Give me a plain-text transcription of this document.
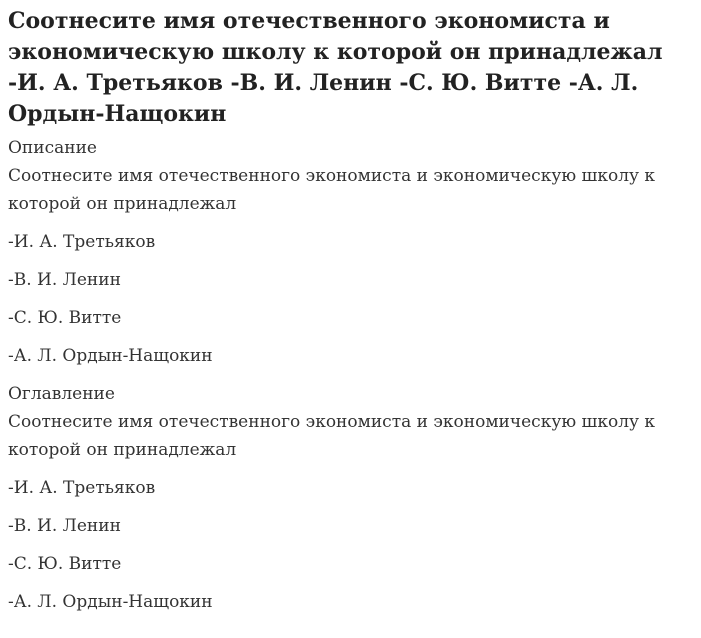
Соотнесите имя отечественного экономиста и экономическую школу к которой он принадлежал -И. А. Третьяков -В. И. Ленин -С. Ю. Витте -А. Л. Ордын-Нащокин
Описание

Соотнесите имя отечественного экономиста и экономическую школу к которой он принадлежал

-И. А. Третьяков

-В. И. Ленин

-С. Ю. Витте

-А. Л. Ордын-Нащокин

Оглавление

Соотнесите имя отечественного экономиста и экономическую школу к которой он принадлежал

-И. А. Третьяков

-В. И. Ленин

-С. Ю. Витте

-А. Л. Ордын-Нащокин
